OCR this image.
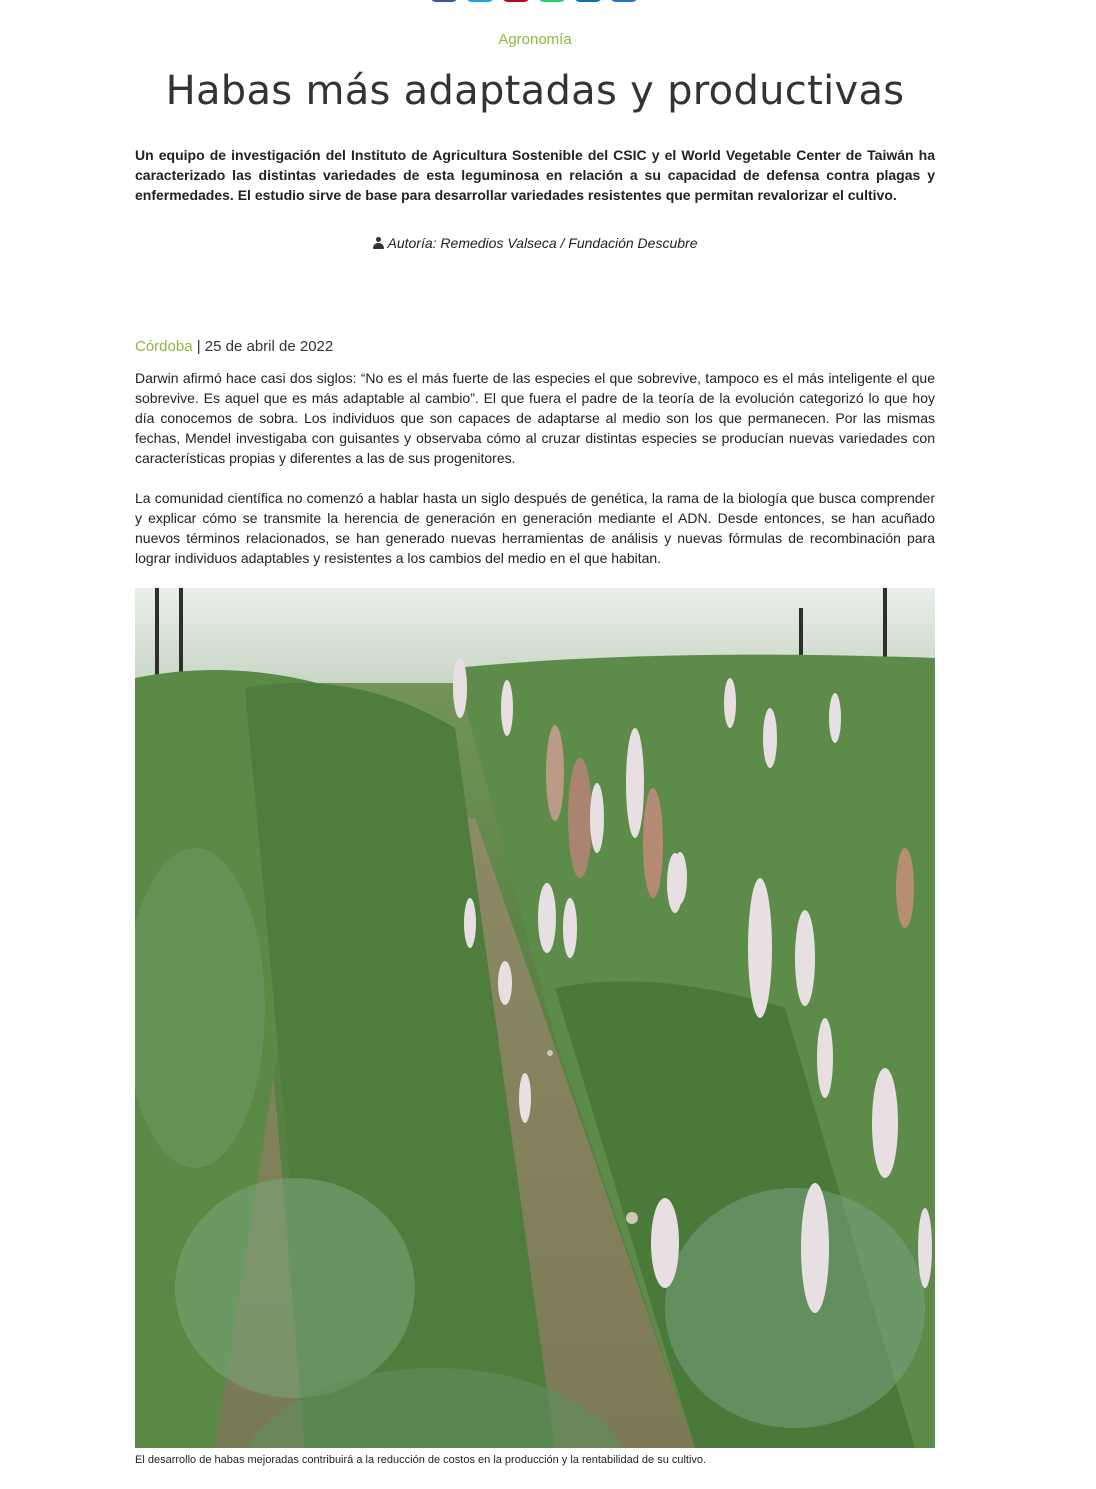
Agronomía
Habas más adaptadas y productivas

Un equipo de investigación del Instituto de Agricultura Sostenible del CSIC y el World Vegetable Center de Taiwán ha caracterizado las distintas variedades de esta leguminosa en relación a su capacidad de defensa contra plagas y enfermedades. El estudio sirve de base para desarrollar variedades resistentes que permitan revalorizar el cultivo.

Autoría: Remedios Valseca / Fundación Descubre
Córdoba | 25 de abril de 2022

Darwin afirmó hace casi dos siglos: “No es el más fuerte de las especies el que sobrevive, tampoco es el más inteligente el que sobrevive. Es aquel que es más adaptable al cambio”. El que fuera el padre de la teoría de la evolución categorizó lo que hoy día conocemos de sobra. Los individuos que son capaces de adaptarse al medio son los que permanecen. Por las mismas fechas, Mendel investigaba con guisantes y observaba cómo al cruzar distintas especies se producían nuevas variedades con características propias y diferentes a las de sus progenitores.

La comunidad científica no comenzó a hablar hasta un siglo después de genética, la rama de la biología que busca comprender y explicar cómo se transmite la herencia de generación en generación mediante el ADN. Desde entonces, se han acuñado nuevos términos relacionados, se han generado nuevas herramientas de análisis y nuevas fórmulas de recombinación para lograr individuos adaptables y resistentes a los cambios del medio en el que habitan.

El desarrollo de habas mejoradas contribuirá a la reducción de costos en la producción y la rentabilidad de su cultivo.
